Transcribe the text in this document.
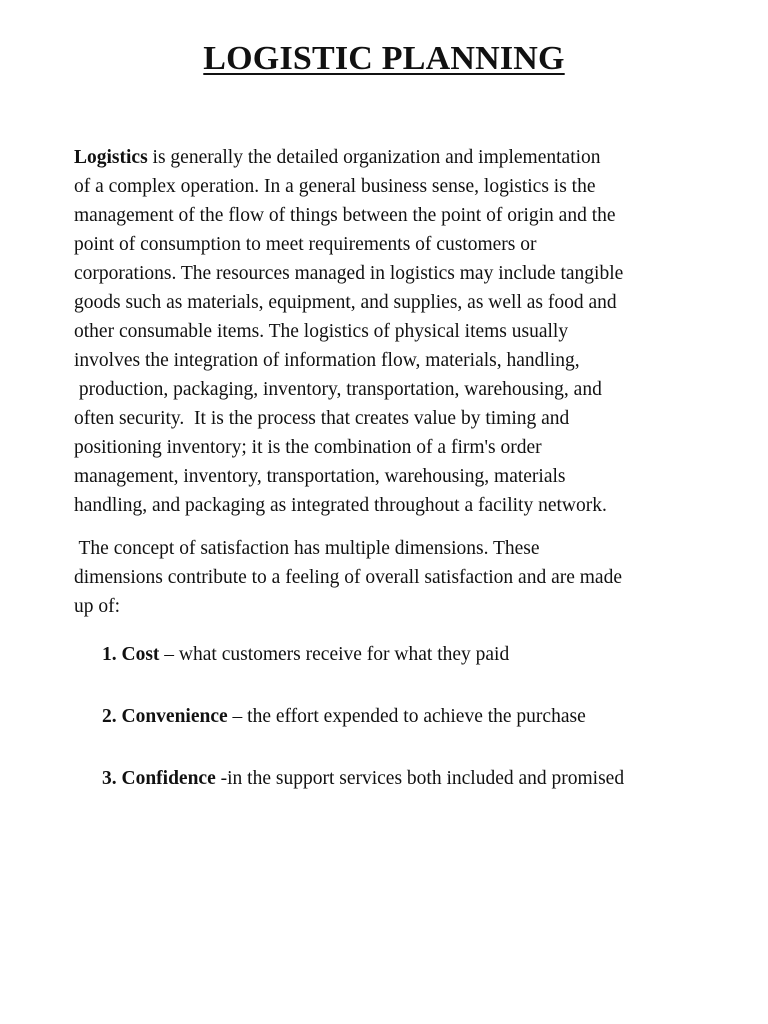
LOGISTIC PLANNING

Logistics is generally the detailed organization and implementation
of a complex operation. In a general business sense, logistics is the
management of the flow of things between the point of origin and the
point of consumption to meet requirements of customers or
corporations. The resources managed in logistics may include tangible
goods such as materials, equipment, and supplies, as well as food and
other consumable items. The logistics of physical items usually
involves the integration of information flow, materials, handling,
production, packaging, inventory, transportation, warehousing, and
often security.  It is the process that creates value by timing and
positioning inventory; it is the combination of a firm's order
management, inventory, transportation, warehousing, materials
handling, and packaging as integrated throughout a facility network.

The concept of satisfaction has multiple dimensions. These
dimensions contribute to a feeling of overall satisfaction and are made
up of:

1. Cost – what customers receive for what they paid
2. Convenience – the effort expended to achieve the purchase
3. Confidence -in the support services both included and promised
